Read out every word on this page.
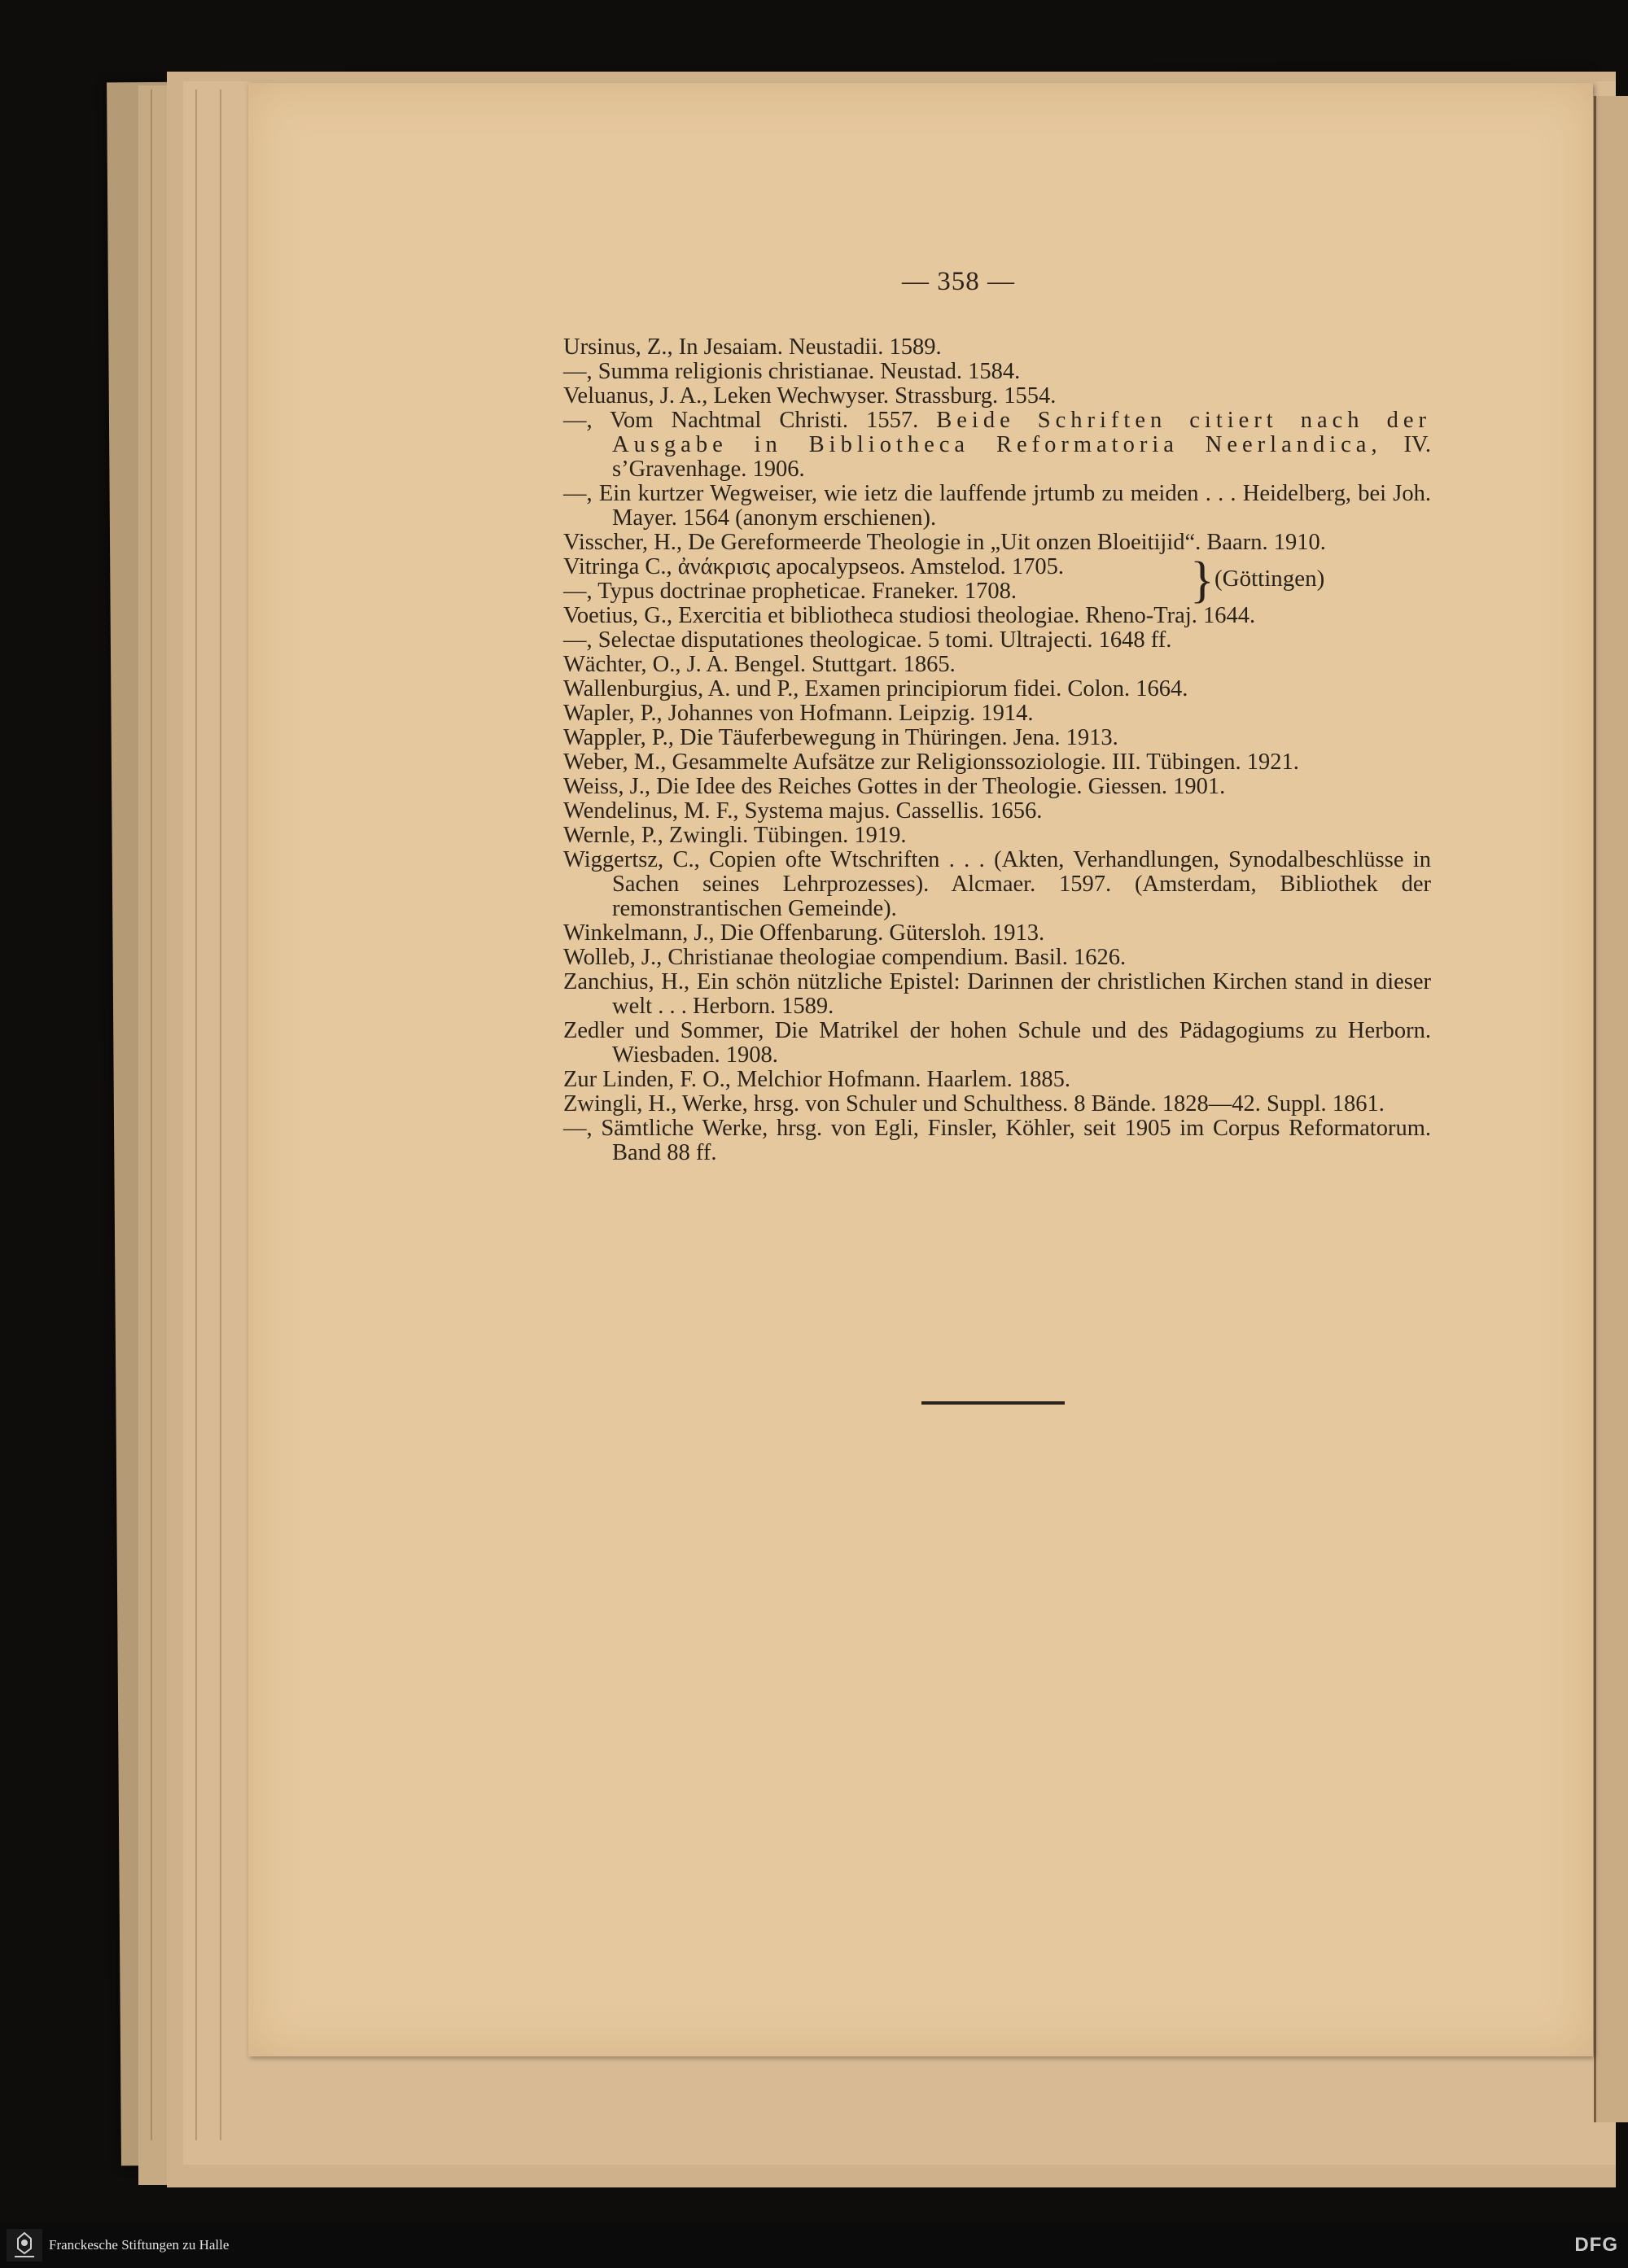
— 358 —
Ursinus, Z., In Jesaiam. Neustadii. 1589.
—, Summa religionis christianae. Neustad. 1584.
Veluanus, J. A., Leken Wechwyser. Strassburg. 1554.
—, Vom Nachtmal Christi. 1557. Beide Schriften citiert nach der Ausgabe in Bibliotheca Reformatoria Neerlandica, IV. s’Gravenhage. 1906.
—, Ein kurtzer Wegweiser, wie ietz die lauffende jrtumb zu meiden . . . Heidelberg, bei Joh. Mayer. 1564 (anonym erschienen).
Visscher, H., De Gereformeerde Theologie in „Uit onzen Bloeitijid“. Baarn. 1910.
Vitringa C., ἀνάκρισις apocalypseos. Amstelod. 1705.
—, Typus doctrinae propheticae. Franeker. 1708.	} (Göttingen)
Voetius, G., Exercitia et bibliotheca studiosi theologiae. Rheno-Traj. 1644.
—, Selectae disputationes theologicae. 5 tomi. Ultrajecti. 1648 ff.
Wächter, O., J. A. Bengel. Stuttgart. 1865.
Wallenburgius, A. und P., Examen principiorum fidei. Colon. 1664.
Wapler, P., Johannes von Hofmann. Leipzig. 1914.
Wappler, P., Die Täuferbewegung in Thüringen. Jena. 1913.
Weber, M., Gesammelte Aufsätze zur Religionssoziologie. III. Tübingen. 1921.
Weiss, J., Die Idee des Reiches Gottes in der Theologie. Giessen. 1901.
Wendelinus, M. F., Systema majus. Cassellis. 1656.
Wernle, P., Zwingli. Tübingen. 1919.
Wiggertsz, C., Copien ofte Wtschriften . . . (Akten, Verhandlungen, Synodalbeschlüsse in Sachen seines Lehrprozesses). Alcmaer. 1597. (Amsterdam, Bibliothek der remonstrantischen Gemeinde).
Winkelmann, J., Die Offenbarung. Gütersloh. 1913.
Wolleb, J., Christianae theologiae compendium. Basil. 1626.
Zanchius, H., Ein schön nützliche Epistel: Darinnen der christlichen Kirchen stand in dieser welt . . . Herborn. 1589.
Zedler und Sommer, Die Matrikel der hohen Schule und des Pädagogiums zu Herborn. Wiesbaden. 1908.
Zur Linden, F. O., Melchior Hofmann. Haarlem. 1885.
Zwingli, H., Werke, hrsg. von Schuler und Schulthess. 8 Bände. 1828—42. Suppl. 1861.
—, Sämtliche Werke, hrsg. von Egli, Finsler, Köhler, seit 1905 im Corpus Reformatorum. Band 88 ff.
Franckesche Stiftungen zu Halle	DFG
